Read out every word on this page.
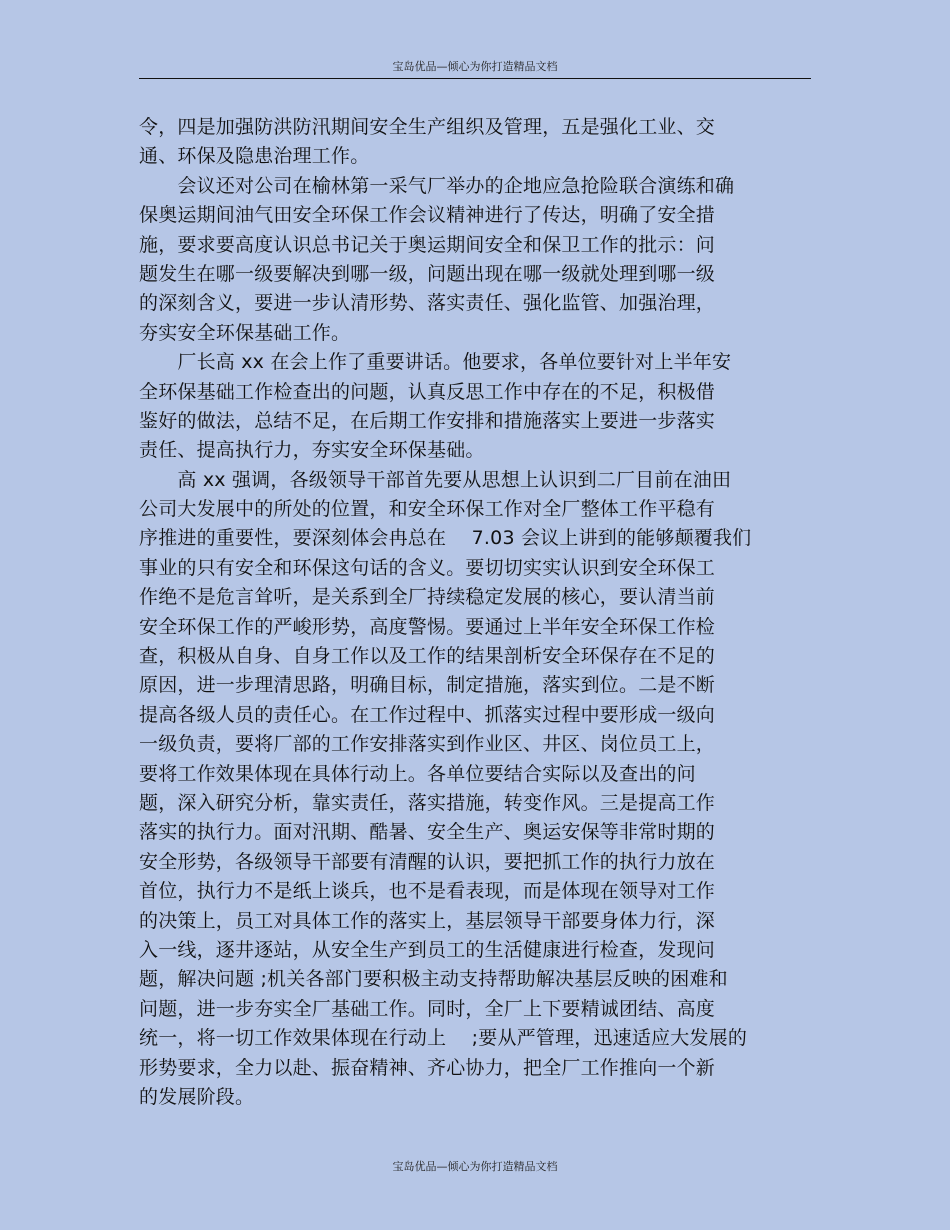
宝岛优品—倾心为你打造精品文档
令，四是加强防洪防汛期间安全生产组织及管理，五是强化工业、交
通、环保及隐患治理工作。
　　会议还对公司在榆林第一采气厂举办的企地应急抢险联合演练和确
保奥运期间油气田安全环保工作会议精神进行了传达，明确了安全措
施，要求要高度认识总书记关于奥运期间安全和保卫工作的批示：问
题发生在哪一级要解决到哪一级，问题出现在哪一级就处理到哪一级
的深刻含义，要进一步认清形势、落实责任、强化监管、加强治理，
夯实安全环保基础工作。
　　厂长高 xx 在会上作了重要讲话。他要求，各单位要针对上半年安
全环保基础工作检查出的问题，认真反思工作中存在的不足，积极借
鉴好的做法，总结不足，在后期工作安排和措施落实上要进一步落实
责任、提高执行力，夯实安全环保基础。
　　高 xx 强调，各级领导干部首先要从思想上认识到二厂目前在油田
公司大发展中的所处的位置，和安全环保工作对全厂整体工作平稳有
序推进的重要性，要深刻体会冉总在　 7.03 会议上讲到的能够颠覆我们
事业的只有安全和环保这句话的含义。要切切实实认识到安全环保工
作绝不是危言耸听，是关系到全厂持续稳定发展的核心，要认清当前
安全环保工作的严峻形势，高度警惕。要通过上半年安全环保工作检
查，积极从自身、自身工作以及工作的结果剖析安全环保存在不足的
原因，进一步理清思路，明确目标，制定措施，落实到位。二是不断
提高各级人员的责任心。在工作过程中、抓落实过程中要形成一级向
一级负责，要将厂部的工作安排落实到作业区、井区、岗位员工上，
要将工作效果体现在具体行动上。各单位要结合实际以及查出的问
题，深入研究分析，靠实责任，落实措施，转变作风。三是提高工作
落实的执行力。面对汛期、酷暑、安全生产、奥运安保等非常时期的
安全形势，各级领导干部要有清醒的认识，要把抓工作的执行力放在
首位，执行力不是纸上谈兵，也不是看表现，而是体现在领导对工作
的决策上，员工对具体工作的落实上，基层领导干部要身体力行，深
入一线，逐井逐站，从安全生产到员工的生活健康进行检查，发现问
题，解决问题 ;机关各部门要积极主动支持帮助解决基层反映的困难和
问题，进一步夯实全厂基础工作。同时，全厂上下要精诚团结、高度
统一，将一切工作效果体现在行动上　 ;要从严管理，迅速适应大发展的
形势要求，全力以赴、振奋精神、齐心协力，把全厂工作推向一个新
的发展阶段。
宝岛优品—倾心为你打造精品文档
